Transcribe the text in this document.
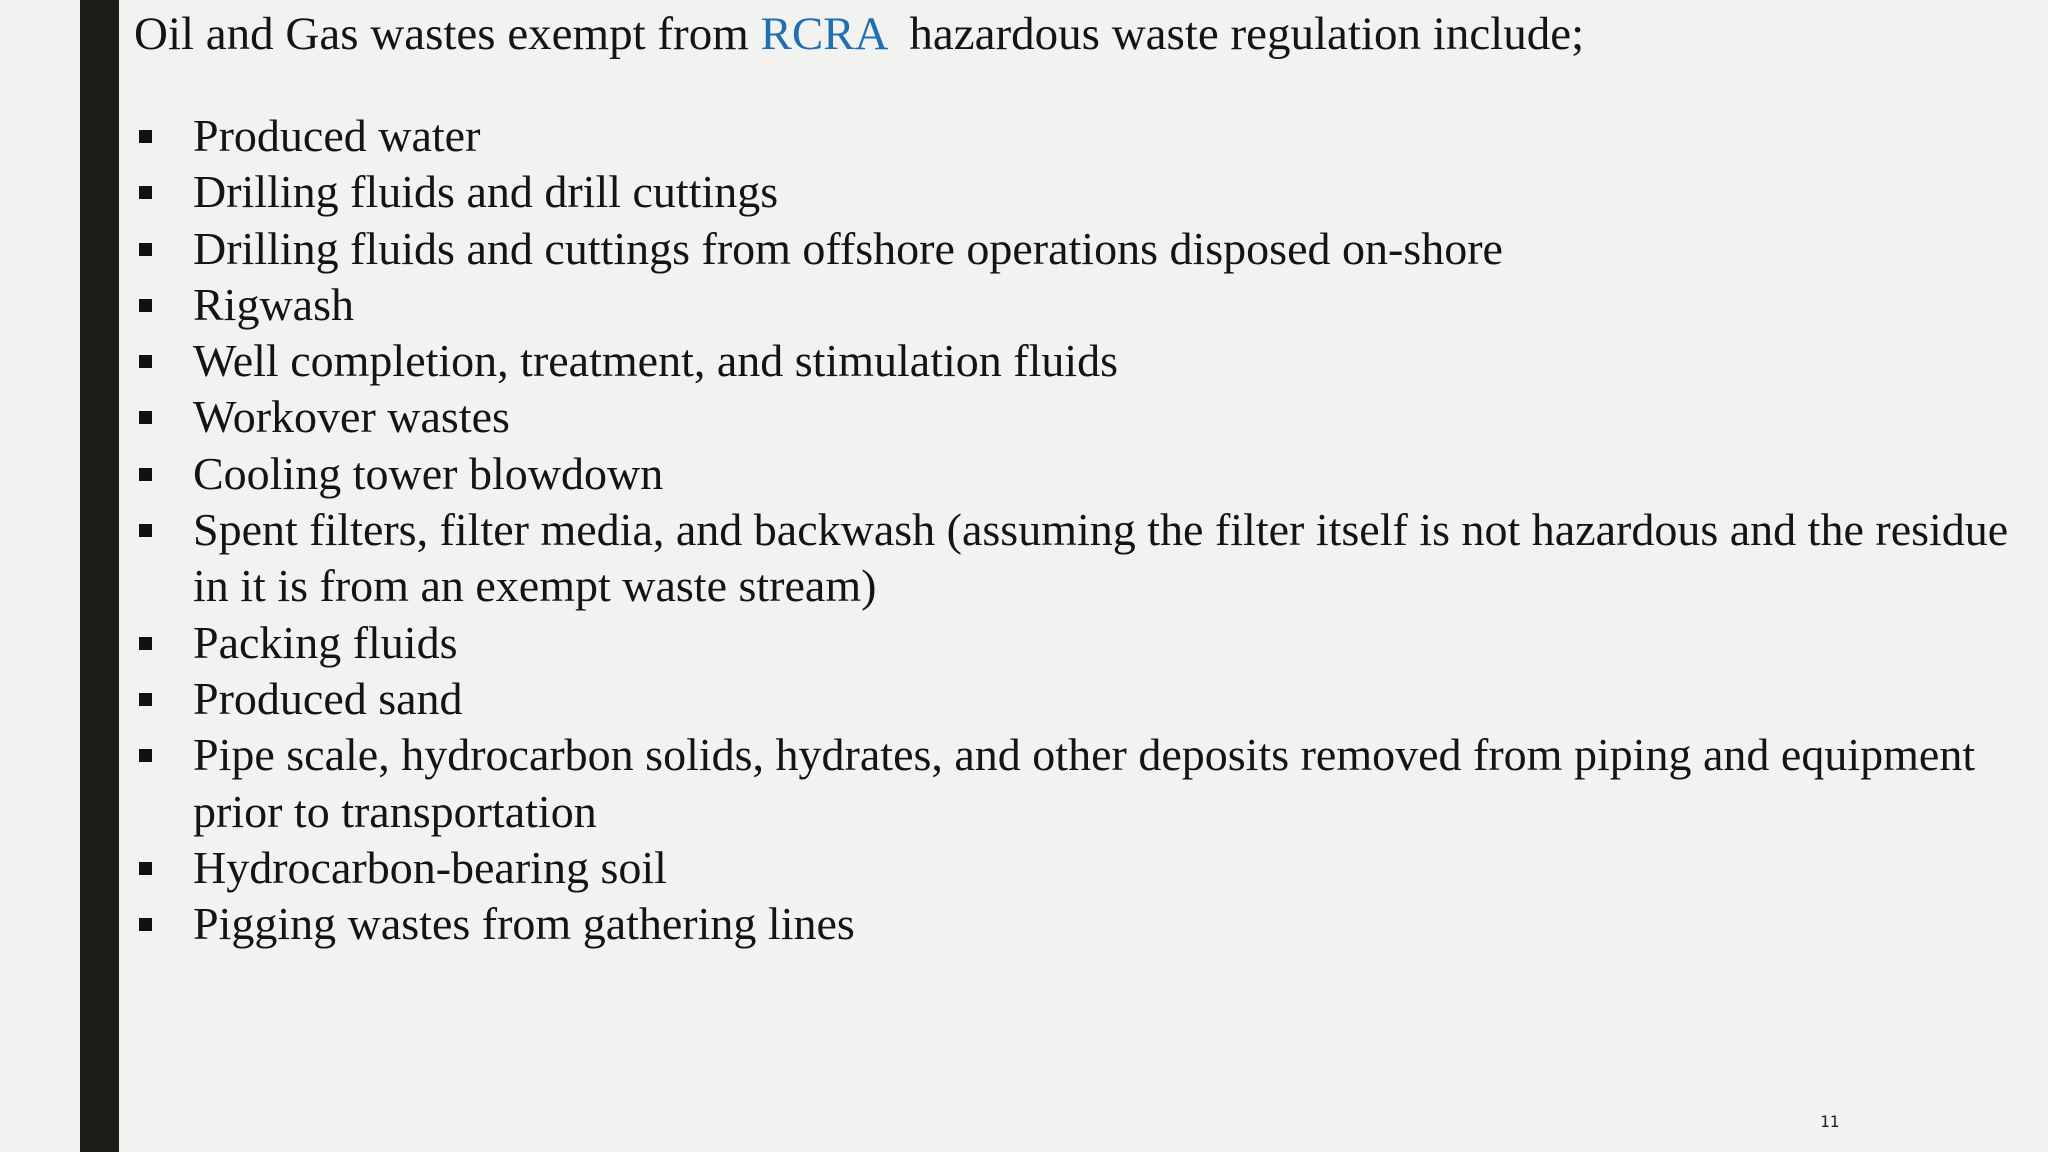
Oil and Gas wastes exempt from RCRA  hazardous waste regulation include;

Produced water
Drilling fluids and drill cuttings
Drilling fluids and cuttings from offshore operations disposed on-shore
Rigwash
Well completion, treatment, and stimulation fluids
Workover wastes
Cooling tower blowdown
Spent filters, filter media, and backwash (assuming the filter itself is not hazardous and the residue in it is from an exempt waste stream)
Packing fluids
Produced sand
Pipe scale, hydrocarbon solids, hydrates, and other deposits removed from piping and equipment prior to transportation
Hydrocarbon-bearing soil
Pigging wastes from gathering lines
11
